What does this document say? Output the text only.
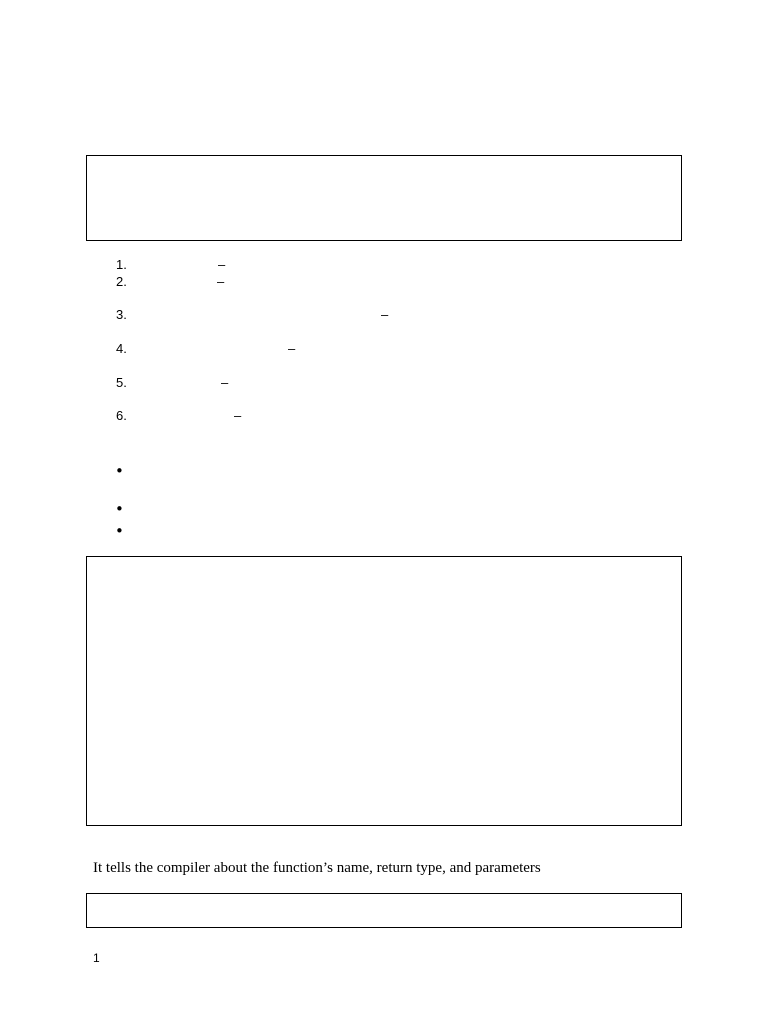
1.	–
2.	–
3.	–
4.	–
5.	–
6.	–
•
•
•
It tells the compiler about the function’s name, return type, and parameters
1
